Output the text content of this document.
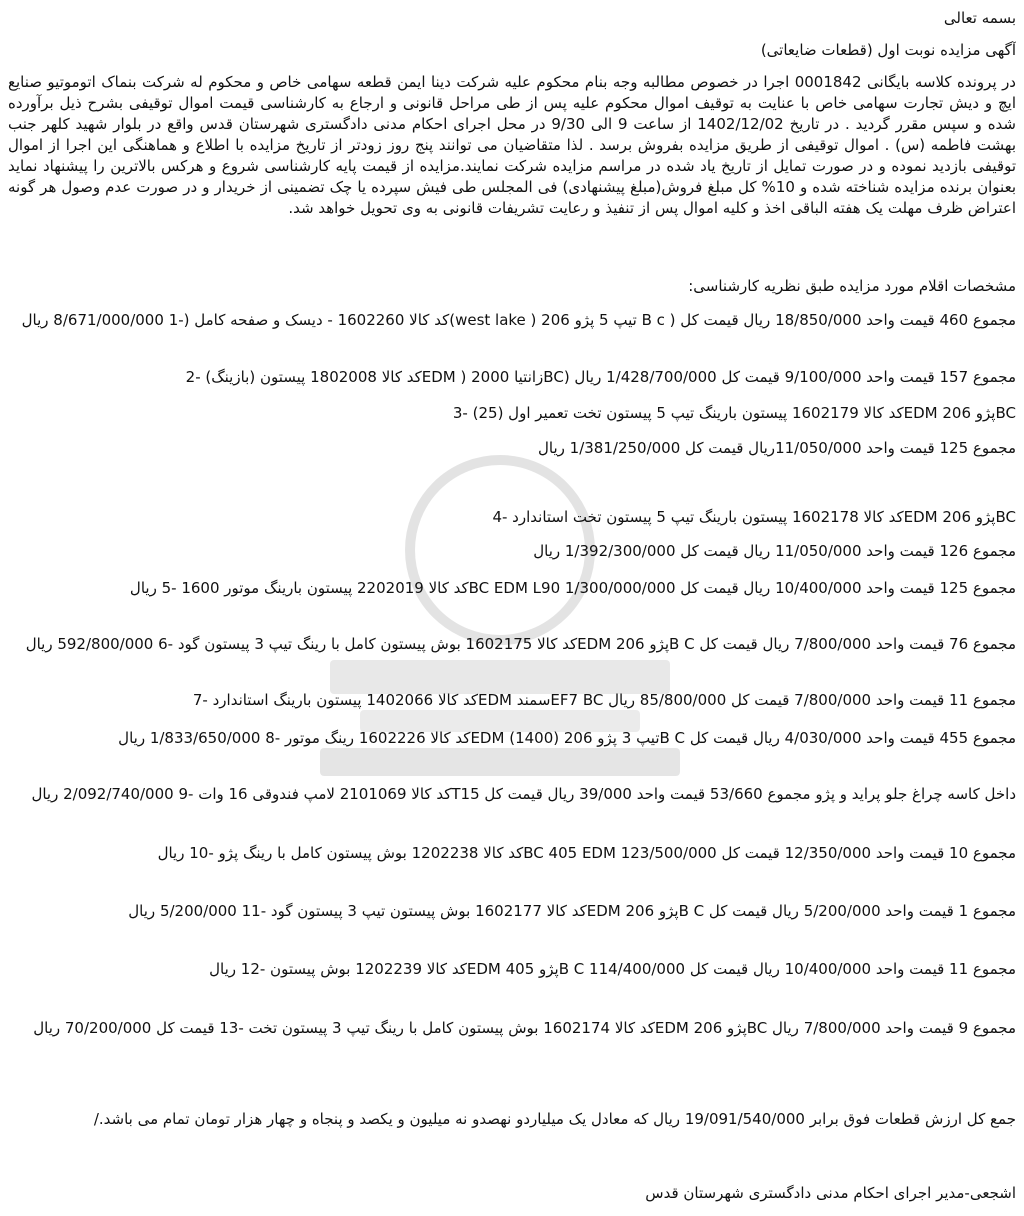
بسمه تعالی
آگهی مزایده نوبت اول (قطعات ضایعاتی)
در پرونده کلاسه بایگانی 0001842 اجرا در خصوص مطالبه وجه بنام محکوم علیه شرکت دینا ایمن قطعه سهامی خاص و محکوم له شرکت بنماک اتوموتیو صنایع ایچ و دیش تجارت سهامی خاص با عنایت به توقیف اموال محکوم علیه پس از طی مراحل قانونی و ارجاع به کارشناسی قیمت اموال توقیفی بشرح ذیل برآورده شده و سپس مقرر گردید . در تاریخ 1402/12/02 از ساعت 9 الی 9/30 در محل اجرای احکام مدنی دادگستری شهرستان قدس واقع در بلوار شهید کلهر جنب بهشت فاطمه (س) . اموال توقیفی از طریق مزایده بفروش برسد . لذا متقاضیان می توانند پنج روز زودتر از تاریخ مزایده با اطلاع و هماهنگی این اجرا از اموال توقیفی بازدید نموده و در صورت تمایل از تاریخ یاد شده در مراسم مزایده شرکت نمایند.مزایده از قیمت پایه کارشناسی شروع و هرکس بالاترین را پیشنهاد نماید بعنوان برنده مزایده شناخته شده و 10% کل مبلغ فروش(مبلغ پیشنهادی) فی المجلس طی فیش سپرده یا چک تضمینی از خریدار و در صورت عدم وصول هر گونه اعتراض ظرف مهلت یک هفته الباقی اخذ و کلیه اموال پس از تنفیذ و رعایت تشریفات قانونی به وی تحویل خواهد شد.
مشخصات اقلام مورد مزایده طبق نظریه کارشناسی:
مجموع 460 قیمت واحد 18/850/000 ریال قیمت کل ( B c تیپ 5 پژو 206 ( west lake)کد کالا 1602260 - دیسک و صفحه کامل (-1 8/671/000/000 ریال
مجموع 157 قیمت واحد 9/100/000 قیمت کل 1/428/700/000 ریال (BCزانتیا 2000 ( EDMکد کالا 1802008 پیستون (بازینگ) -2
BCپژو 206 EDMکد کالا 1602179 پیستون بارینگ تیپ 5 پیستون تخت تعمیر اول (25) -3
مجموع 125 قیمت واحد 11/050/000ریال قیمت کل 1/381/250/000 ریال
BCپژو 206 EDMکد کالا 1602178 پیستون بارینگ تیپ 5 پیستون تخت استاندارد -4
مجموع 126 قیمت واحد 11/050/000 ریال قیمت کل 1/392/300/000 ریال
مجموع 125 قیمت واحد 10/400/000 ریال قیمت کل 1/300/000/000 BC EDM L90کد کالا 2202019 پیستون بارینگ موتور 1600 -5 ریال
مجموع 76 قیمت واحد 7/800/000 ریال قیمت کل B Cپژو 206 EDMکد کالا 1602175 بوش پیستون کامل با رینگ تیپ 3 پیستون گود -6 592/800/000 ریال
مجموع 11 قیمت واحد 7/800/000 قیمت کل 85/800/000 ریال EF7 BCسمند EDMکد کالا 1402066 پیستون بارینگ استاندارد -7
مجموع 455 قیمت واحد 4/030/000 ریال قیمت کل B Cتیپ 3 پژو 206 (1400) EDMکد کالا 1602226 رینگ موتور -8 1/833/650/000 ریال
داخل کاسه چراغ جلو پراید و پژو مجموع 53/660 قیمت واحد 39/000 ریال قیمت کل T15کد کالا 2101069 لامپ فندوقی 16 وات -9 2/092/740/000 ریال
مجموع 10 قیمت واحد 12/350/000 قیمت کل 123/500/000 BC 405 EDMکد کالا 1202238 بوش پیستون کامل با رینگ پژو -10 ریال
مجموع 1 قیمت واحد 5/200/000 ریال قیمت کل B Cپژو 206 EDMکد کالا 1602177 بوش پیستون تیپ 3 پیستون گود -11 5/200/000 ریال
مجموع 11 قیمت واحد 10/400/000 ریال قیمت کل 114/400/000 B Cپژو 405 EDMکد کالا 1202239 بوش پیستون -12 ریال
مجموع 9 قیمت واحد 7/800/000 ریال BCپژو 206 EDMکد کالا 1602174 بوش پیستون کامل با رینگ تیپ 3 پیستون تخت -13 قیمت کل 70/200/000 ریال
جمع کل ارزش قطعات فوق برابر 19/091/540/000 ریال که معادل یک میلیاردو نهصدو نه میلیون و یکصد و پنجاه و چهار هزار تومان تمام می باشد./
اشجعی-مدیر اجرای احکام مدنی دادگستری شهرستان قدس
